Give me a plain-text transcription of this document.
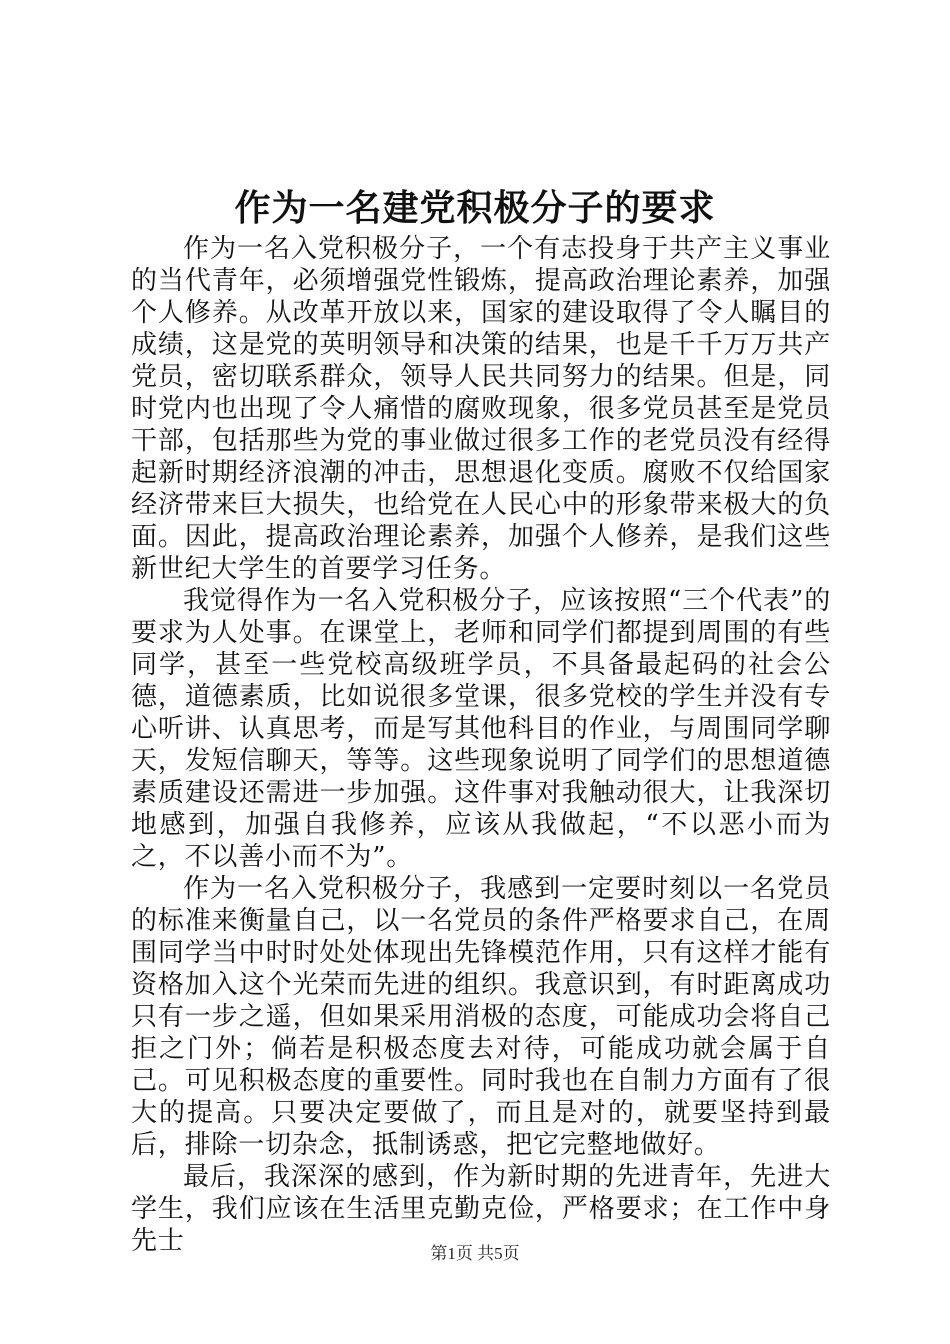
作为一名建党积极分子的要求

作为一名入党积极分子，一个有志投身于共产主义事业的当代青年，必须增强党性锻炼，提高政治理论素养，加强个人修养。从改革开放以来，国家的建设取得了令人瞩目的成绩，这是党的英明领导和决策的结果，也是千千万万共产党员，密切联系群众，领导人民共同努力的结果。但是，同时党内也出现了令人痛惜的腐败现象，很多党员甚至是党员干部，包括那些为党的事业做过很多工作的老党员没有经得起新时期经济浪潮的冲击，思想退化变质。腐败不仅给国家经济带来巨大损失，也给党在人民心中的形象带来极大的负面。因此，提高政治理论素养，加强个人修养，是我们这些新世纪大学生的首要学习任务。

我觉得作为一名入党积极分子，应该按照“三个代表”的要求为人处事。在课堂上，老师和同学们都提到周围的有些同学，甚至一些党校高级班学员，不具备最起码的社会公德，道德素质，比如说很多堂课，很多党校的学生并没有专心听讲、认真思考，而是写其他科目的作业，与周围同学聊天，发短信聊天，等等。这些现象说明了同学们的思想道德素质建设还需进一步加强。这件事对我触动很大，让我深切地感到，加强自我修养，应该从我做起，“不以恶小而为之，不以善小而不为”。

作为一名入党积极分子，我感到一定要时刻以一名党员的标准来衡量自己，以一名党员的条件严格要求自己，在周围同学当中时时处处体现出先锋模范作用，只有这样才能有资格加入这个光荣而先进的组织。我意识到，有时距离成功只有一步之遥，但如果采用消极的态度，可能成功会将自己拒之门外；倘若是积极态度去对待，可能成功就会属于自己。可见积极态度的重要性。同时我也在自制力方面有了很大的提高。只要决定要做了，而且是对的，就要坚持到最后，排除一切杂念，抵制诱惑，把它完整地做好。

最后，我深深的感到，作为新时期的先进青年，先进大学生，我们应该在生活里克勤克俭，严格要求；在工作中身先士	第1页 共5页
